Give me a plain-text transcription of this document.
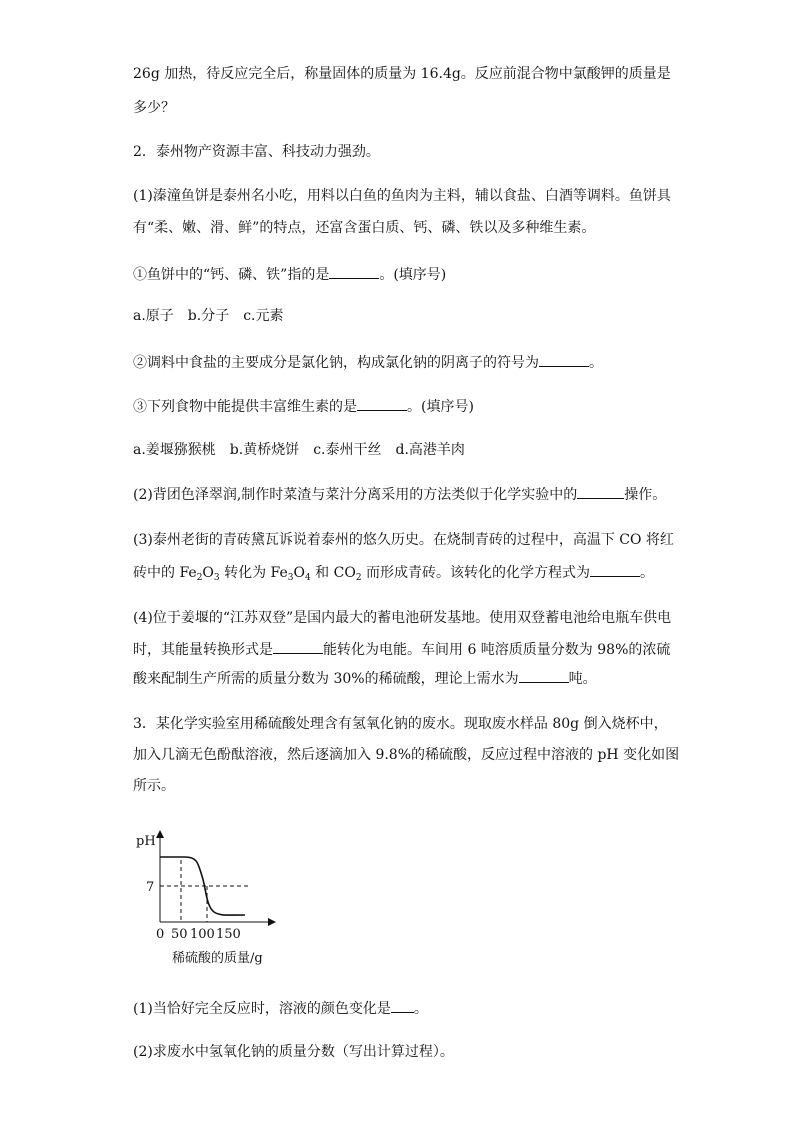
26g 加热，待反应完全后，称量固体的质量为 16.4g。反应前混合物中氯酸钾的质量是
多少？
2．泰州物产资源丰富、科技动力强劲。
(1)溱潼鱼饼是泰州名小吃，用料以白鱼的鱼肉为主料，辅以食盐、白酒等调料。鱼饼具
有“柔、嫩、滑、鲜”的特点，还富含蛋白质、钙、磷、铁以及多种维生素。
①鱼饼中的“钙、磷、铁”指的是	。(填序号)
a.原子　b.分子　c.元素
②调料中食盐的主要成分是氯化钠，构成氯化钠的阴离子的符号为	。
③下列食物中能提供丰富维生素的是	。(填序号)
a.姜堰猕猴桃　b.黄桥烧饼　c.泰州干丝　d.高港羊肉
(2)背团色泽翠润,制作时菜渣与菜汁分离采用的方法类似于化学实验中的	操作。
(3)泰州老街的青砖黛瓦诉说着泰州的悠久历史。在烧制青砖的过程中，高温下 CO 将红
砖中的 $Fe_2O_3$ 转化为 $Fe_3O_4$ 和 $CO_2$ 而形成青砖。该转化的化学方程式为	。
(4)位于姜堰的“江苏双登”是国内最大的蓄电池研发基地。使用双登蓄电池给电瓶车供电
时，其能量转换形式是	能转化为电能。车间用 6 吨溶质质量分数为 98%的浓硫
酸来配制生产所需的质量分数为 30%的稀硫酸，理论上需水为	吨。
3．某化学实验室用稀硫酸处理含有氢氧化钠的废水。现取废水样品 80g 倒入烧杯中，
加入几滴无色酚酞溶液，然后逐滴加入 9.8%的稀硫酸，反应过程中溶液的 pH 变化如图
所示。
pH
7
0 50 100 150
稀硫酸的质量/g
(1)当恰好完全反应时，溶液的颜色变化是 。
(2)求废水中氢氧化钠的质量分数（写出计算过程）。
